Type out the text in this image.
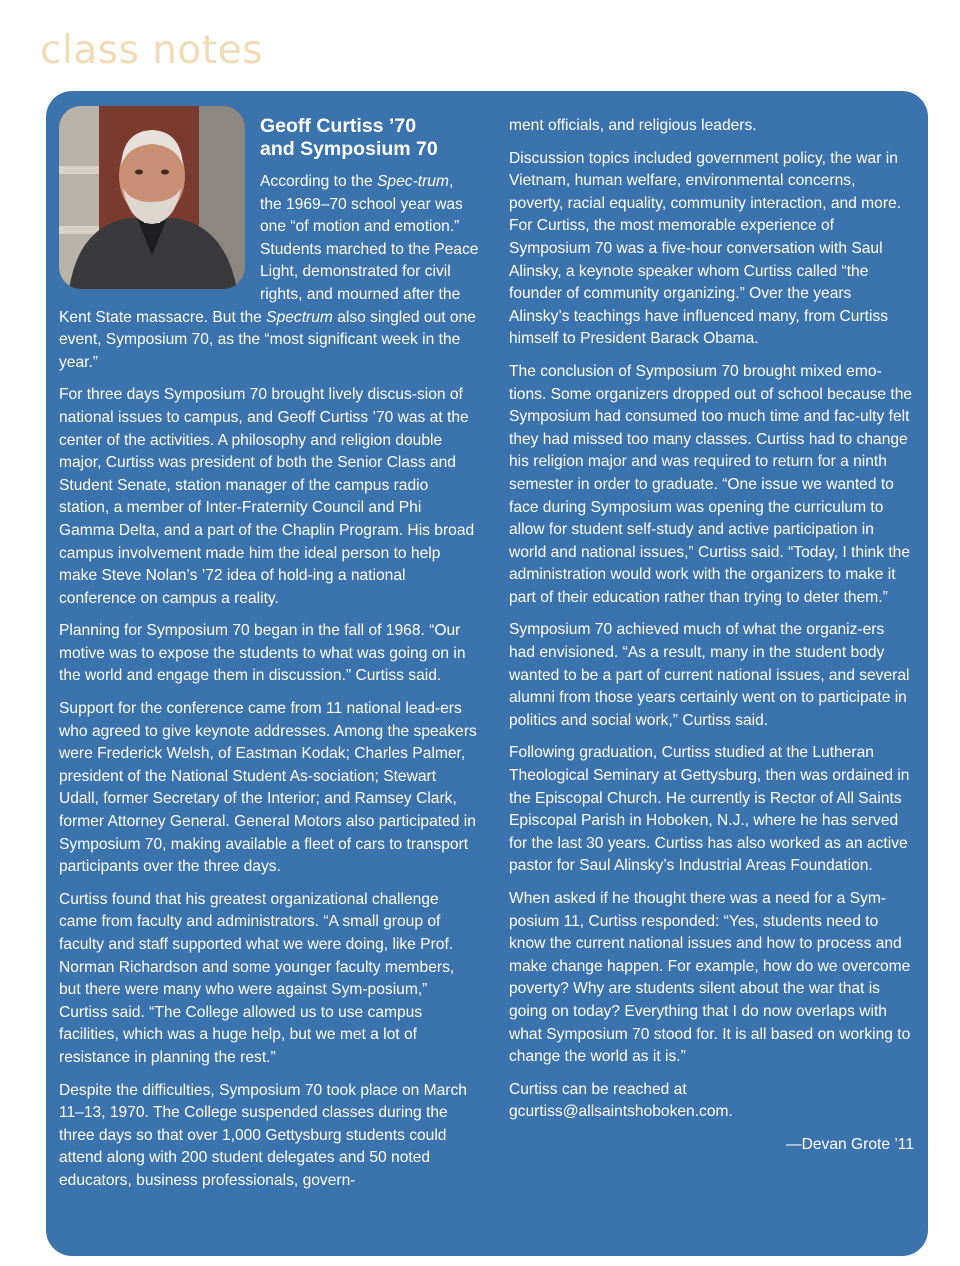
class notes

Geoff Curtiss ’70
and Symposium 70

According to the Spec-trum, the 1969–70 school year was one “of motion and emotion.” Students marched to the Peace Light, demonstrated for civil rights, and mourned after the Kent State massacre. But the Spectrum also singled out one event, Symposium 70, as the “most significant week in the year.”

For three days Symposium 70 brought lively discus-sion of national issues to campus, and Geoff Curtiss ’70 was at the center of the activities. A philosophy and religion double major, Curtiss was president of both the Senior Class and Student Senate, station manager of the campus radio station, a member of Inter-Fraternity Council and Phi Gamma Delta, and a part of the Chaplin Program. His broad campus involvement made him the ideal person to help make Steve Nolan’s ’72 idea of hold-ing a national conference on campus a reality.

Planning for Symposium 70 began in the fall of 1968. “Our motive was to expose the students to what was going on in the world and engage them in discussion.” Curtiss said.

Support for the conference came from 11 national lead-ers who agreed to give keynote addresses. Among the speakers were Frederick Welsh, of Eastman Kodak; Charles Palmer, president of the National Student As-sociation; Stewart Udall, former Secretary of the Interior; and Ramsey Clark, former Attorney General. General Motors also participated in Symposium 70, making available a fleet of cars to transport participants over the three days.

Curtiss found that his greatest organizational challenge came from faculty and administrators. “A small group of faculty and staff supported what we were doing, like Prof. Norman Richardson and some younger faculty members, but there were many who were against Sym-posium,” Curtiss said. “The College allowed us to use campus facilities, which was a huge help, but we met a lot of resistance in planning the rest.”

Despite the difficulties, Symposium 70 took place on March 11–13, 1970. The College suspended classes during the three days so that over 1,000 Gettysburg students could attend along with 200 student delegates and 50 noted educators, business professionals, govern-

ment officials, and religious leaders.

Discussion topics included government policy, the war in Vietnam, human welfare, environmental concerns, poverty, racial equality, community interaction, and more. For Curtiss, the most memorable experience of Symposium 70 was a five-hour conversation with Saul Alinsky, a keynote speaker whom Curtiss called “the founder of community organizing.” Over the years Alinsky’s teachings have influenced many, from Curtiss himself to President Barack Obama.

The conclusion of Symposium 70 brought mixed emo-tions. Some organizers dropped out of school because the Symposium had consumed too much time and fac-ulty felt they had missed too many classes. Curtiss had to change his religion major and was required to return for a ninth semester in order to graduate. “One issue we wanted to face during Symposium was opening the curriculum to allow for student self-study and active participation in world and national issues,” Curtiss said. “Today, I think the administration would work with the organizers to make it part of their education rather than trying to deter them.”

Symposium 70 achieved much of what the organiz-ers had envisioned. “As a result, many in the student body wanted to be a part of current national issues, and several alumni from those years certainly went on to participate in politics and social work,” Curtiss said.

Following graduation, Curtiss studied at the Lutheran Theological Seminary at Gettysburg, then was ordained in the Episcopal Church. He currently is Rector of All Saints Episcopal Parish in Hoboken, N.J., where he has served for the last 30 years. Curtiss has also worked as an active pastor for Saul Alinsky’s Industrial Areas Foundation.

When asked if he thought there was a need for a Sym-posium 11, Curtiss responded: “Yes, students need to know the current national issues and how to process and make change happen. For example, how do we overcome poverty? Why are students silent about the war that is going on today? Everything that I do now overlaps with what Symposium 70 stood for. It is all based on working to change the world as it is.”

Curtiss can be reached at
gcurtiss@allsaintshoboken.com.

—Devan Grote ’11
